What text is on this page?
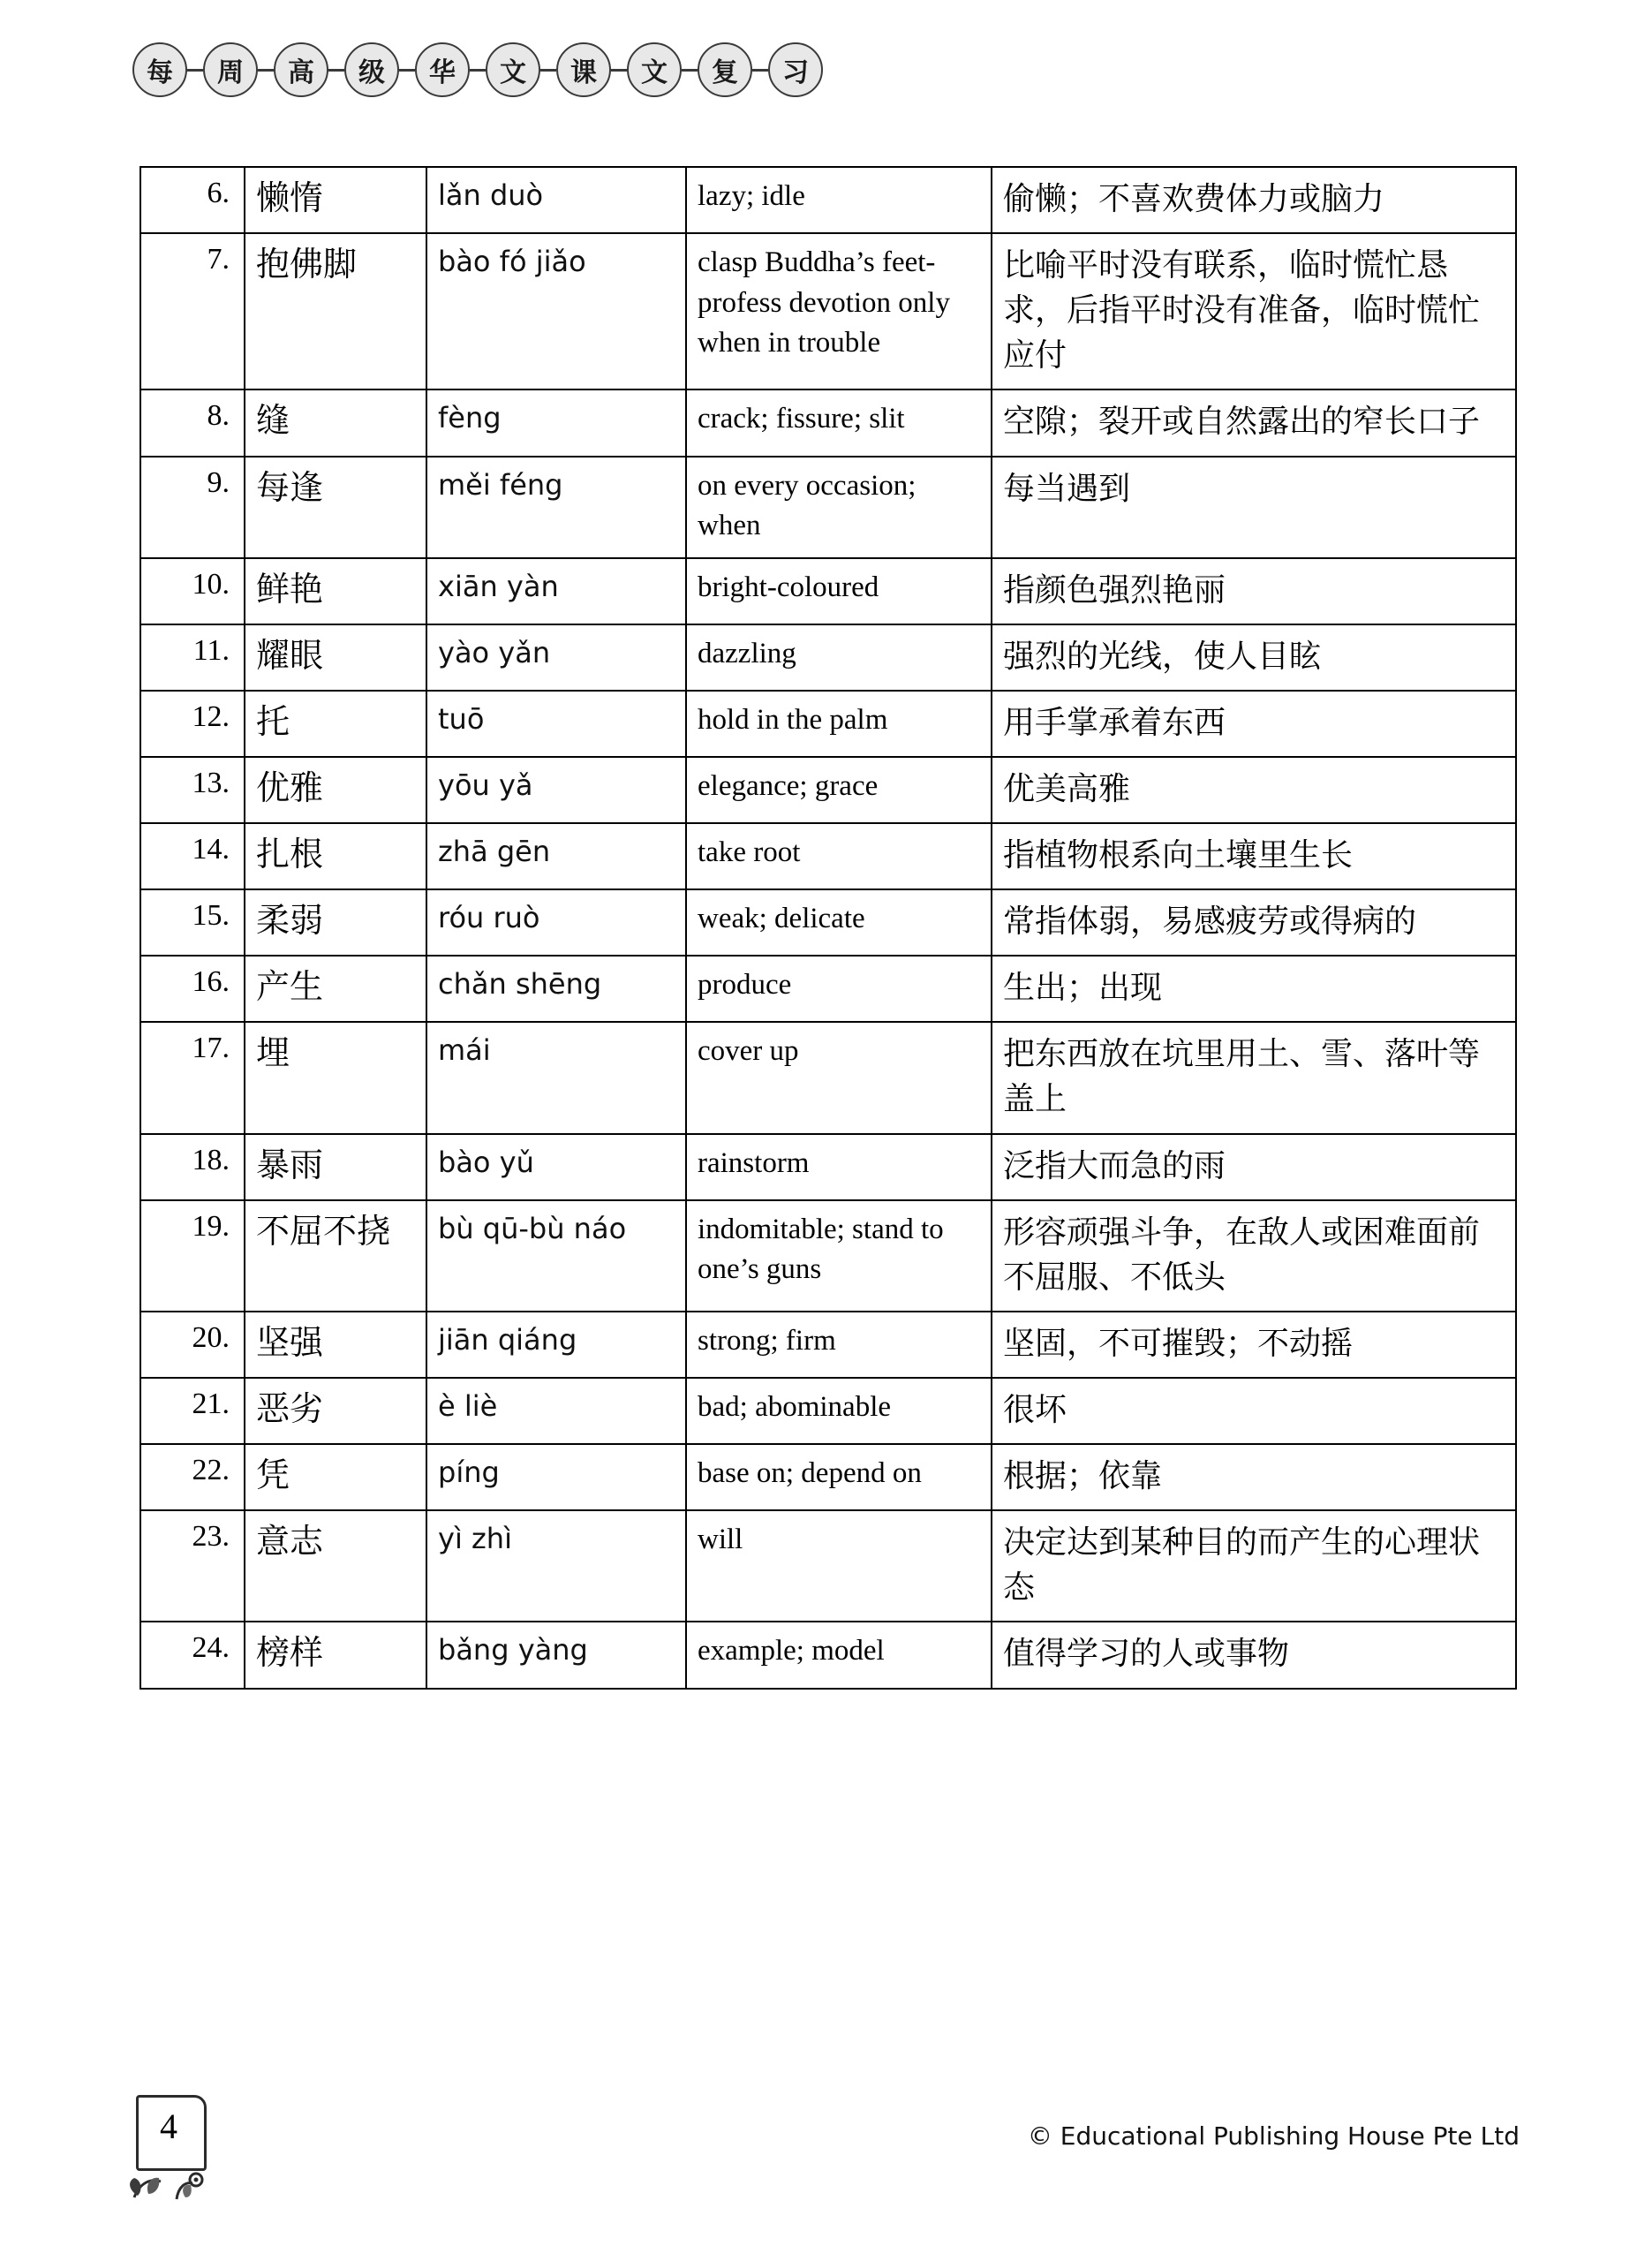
每	周	高	级	华	文	课	文	复	习
6.	懒惰	lǎn duò	lazy; idle	偷懒；不喜欢费体力或脑力
7.	抱佛脚	bào fó jiǎo	clasp Buddha’s feet-profess devotion only when in trouble	比喻平时没有联系，临时慌忙恳求，后指平时没有准备，临时慌忙应付
8.	缝	fèng	crack; fissure; slit	空隙；裂开或自然露出的窄长口子
9.	每逢	měi féng	on every occasion; when	每当遇到
10.	鲜艳	xiān yàn	bright-coloured	指颜色强烈艳丽
11.	耀眼	yào yǎn	dazzling	强烈的光线，使人目眩
12.	托	tuō	hold in the palm	用手掌承着东西
13.	优雅	yōu yǎ	elegance; grace	优美高雅
14.	扎根	zhā gēn	take root	指植物根系向土壤里生长
15.	柔弱	róu ruò	weak; delicate	常指体弱，易感疲劳或得病的
16.	产生	chǎn shēng	produce	生出；出现
17.	埋	mái	cover up	把东西放在坑里用土、雪、落叶等盖上
18.	暴雨	bào yǔ	rainstorm	泛指大而急的雨
19.	不屈不挠	bù qū-bù náo	indomitable; stand to one’s guns	形容顽强斗争，在敌人或困难面前不屈服、不低头
20.	坚强	jiān qiáng	strong; firm	坚固，不可摧毁；不动摇
21.	恶劣	è liè	bad; abominable	很坏
22.	凭	píng	base on; depend on	根据；依靠
23.	意志	yì zhì	will	决定达到某种目的而产生的心理状态
24.	榜样	bǎng yàng	example; model	值得学习的人或事物
4	© Educational Publishing House Pte Ltd
